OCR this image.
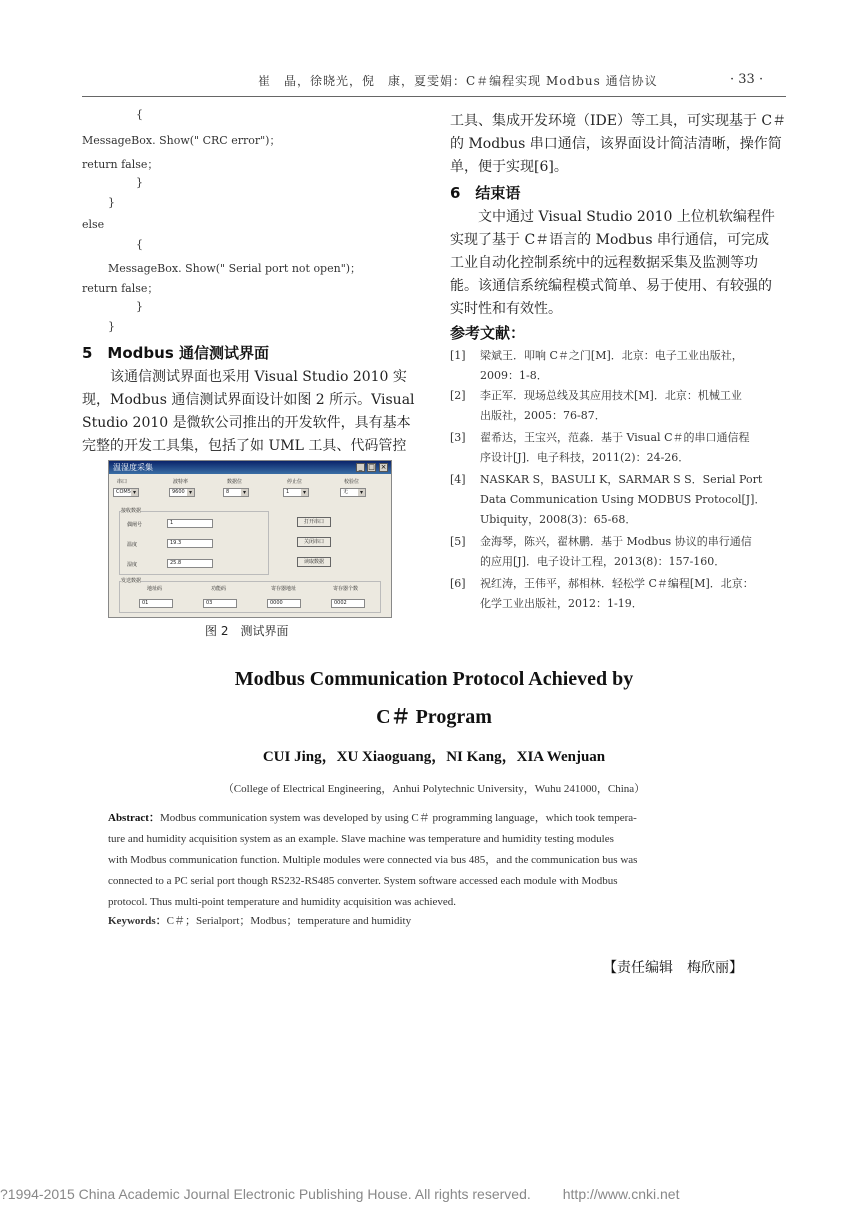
崔　晶，徐晓光，倪　康，夏雯娟：C＃编程实现 Modbus 通信协议	· 33 ·
{
MessageBox. Show(" CRC error")；
return false；
}
}
else
{
MessageBox. Show(" Serial port not open")；
return false；
}
}
5　Modbus 通信测试界面
该通信测试界面也采用 Visual Studio 2010 实
现，Modbus 通信测试界面设计如图 2 所示。Visual
Studio 2010 是微软公司推出的开发软件，具有基本
完整的开发工具集，包括了如 UML 工具、代码管控
工具、集成开发环境（IDE）等工具，可实现基于 C＃
的 Modbus 串口通信，该界面设计简洁清晰，操作简
单，便于实现[6]。
6　结束语
文中通过 Visual Studio 2010 上位机软编程件
实现了基于 C＃语言的 Modbus 串行通信，可完成
工业自动化控制系统中的远程数据采集及监测等功
能。该通信系统编程模式简单、易于使用、有较强的
实时性和有效性。
参考文献：
[1] 梁斌王．叩响 C＃之门[M]．北京：电子工业出版社，
2009：1-8．
[2] 李正军．现场总线及其应用技术[M]．北京：机械工业
出版社，2005：76-87．
[3] 翟希达，王宝兴，范淼．基于 Visual C＃的串口通信程
序设计[J]．电子科技，2011(2)：24-26．
[4] NASKAR S，BASULI K，SARMAR S S．Serial Port
Data Communication Using MODBUS Protocol[J]．
Ubiquity，2008(3)：65-68．
[5] 金海琴，陈兴，翟林鹏．基于 Modbus 协议的串行通信
的应用[J]．电子设计工程，2013(8)：157-160．
[6] 祝红涛，王伟平，郝相林．轻松学 C＃编程[M]．北京：
化学工业出版社，2012：1-19．
温湿度采集	_ □ ×
串口	波特率	数据位	停止位	校验位
COM5 ▾	9600 ▾	8 ▾	1 ▾	无 ▾
接收数据
偶阐号	1
温度	19.3
湿度	25.8
打开串口
关闭串口
读取数据
发送数据
地址码	功能码	寄存器地址	寄存器个数
01	03	0000	0002
图 2　测试界面
Modbus Communication Protocol Achieved by
C＃ Program
CUI Jing，XU Xiaoguang，NI Kang，XIA Wenjuan
（College of Electrical Engineering，Anhui Polytechnic University，Wuhu 241000，China）
Abstract：Modbus communication system was developed by using C＃ programming language，which took tempera-
ture and humidity acquisition system as an example. Slave machine was temperature and humidity testing modules
with Modbus communication function. Multiple modules were connected via bus 485，and the communication bus was
connected to a PC serial port though RS232-RS485 converter. System software accessed each module with Modbus
protocol. Thus multi-point temperature and humidity acquisition was achieved.
Keywords：C＃；Serialport；Modbus；temperature and humidity
【责任编辑　梅欣丽】
?1994-2015 China Academic Journal Electronic Publishing House. All rights reserved. http://www.cnki.net
